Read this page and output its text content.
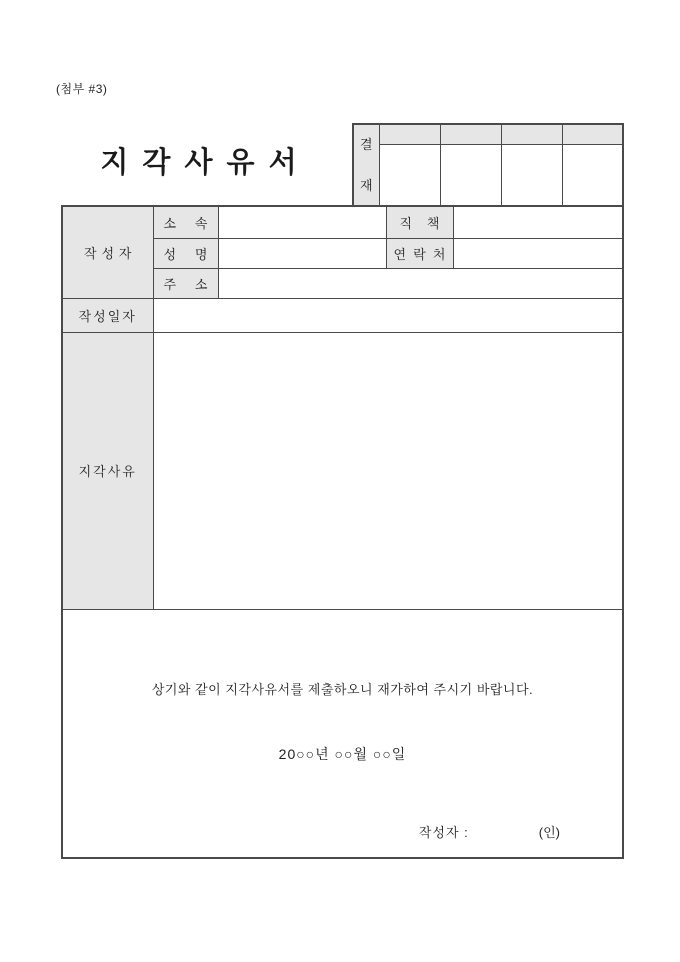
(첨부 #3)
지 각 사 유 서
결
재				

작 성 자	소 속		직 책	
	성 명		연 락 처	
	주 소			
작성일자				
지각사유				

상기와 같이 지각사유서를 제출하오니 재가하여 주시기 바랍니다.
20○○년 ○○월 ○○일
작성자 : (인)				
